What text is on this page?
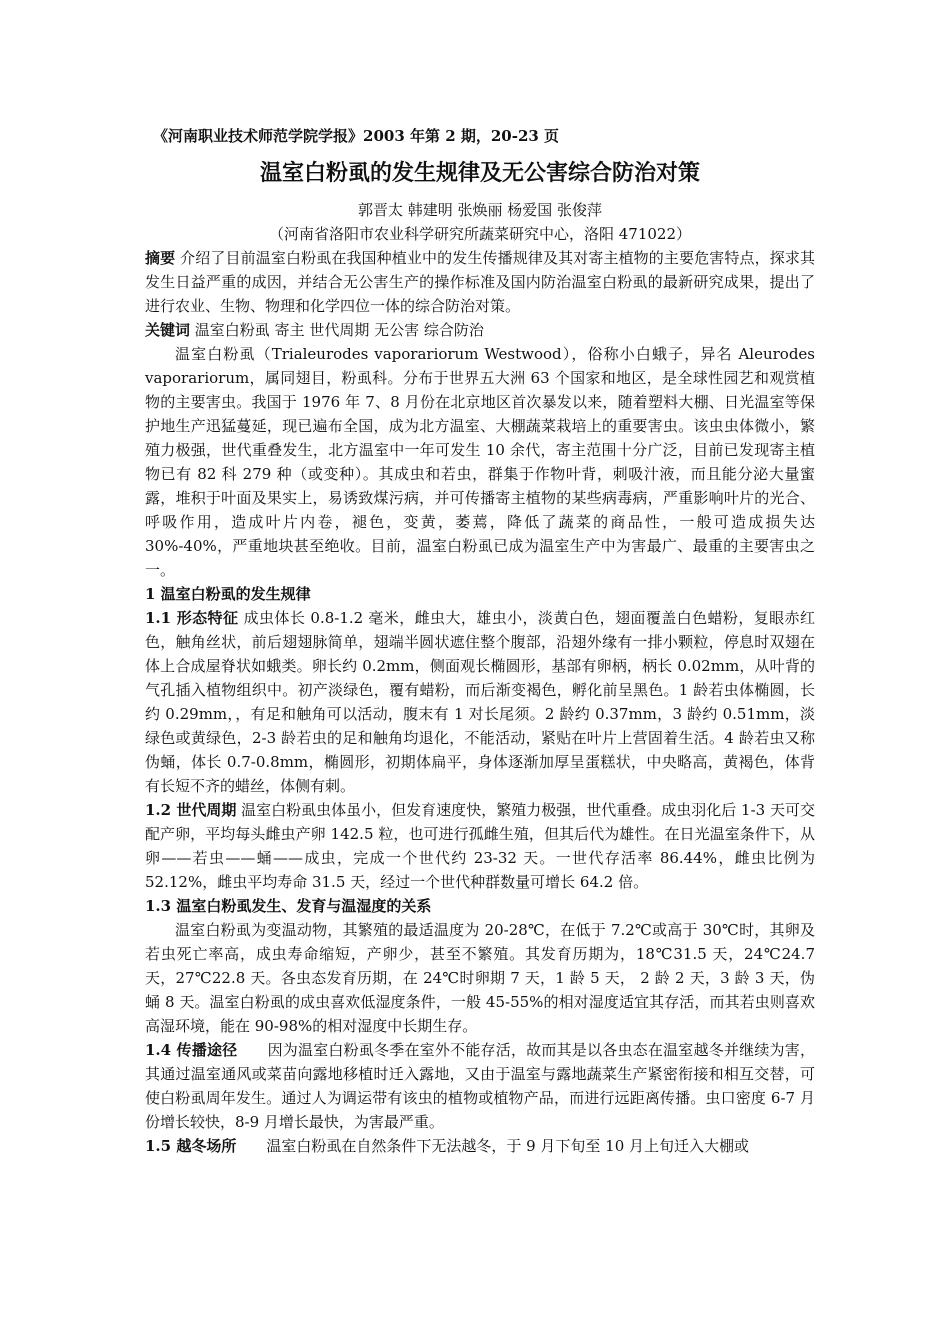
《河南职业技术师范学院学报》2003 年第 2 期，20-23 页
温室白粉虱的发生规律及无公害综合防治对策

郭晋太 韩建明 张焕丽 杨爱国 张俊萍

（河南省洛阳市农业科学研究所蔬菜研究中心，洛阳 471022）

摘要 介绍了目前温室白粉虱在我国种植业中的发生传播规律及其对寄主植物的主要危害特点，探求其发生日益严重的成因，并结合无公害生产的操作标准及国内防治温室白粉虱的最新研究成果，提出了进行农业、生物、物理和化学四位一体的综合防治对策。

关键词 温室白粉虱 寄主 世代周期 无公害 综合防治

温室白粉虱（Trialeurodes vaporariorum Westwood），俗称小白蛾子，异名 Aleurodes vaporariorum，属同翅目，粉虱科。分布于世界五大洲 63 个国家和地区，是全球性园艺和观赏植物的主要害虫。我国于 1976 年 7、8 月份在北京地区首次暴发以来，随着塑料大棚、日光温室等保护地生产迅猛蔓延，现已遍布全国，成为北方温室、大棚蔬菜栽培上的重要害虫。该虫虫体微小，繁殖力极强，世代重叠发生，北方温室中一年可发生 10 余代，寄主范围十分广泛，目前已发现寄主植物已有 82 科 279 种（或变种）。其成虫和若虫，群集于作物叶背，刺吸汁液，而且能分泌大量蜜露，堆积于叶面及果实上，易诱致煤污病，并可传播寄主植物的某些病毒病，严重影响叶片的光合、呼吸作用，造成叶片内卷，褪色，变黄，萎蔫，降低了蔬菜的商品性，一般可造成损失达 30%-40%，严重地块甚至绝收。目前，温室白粉虱已成为温室生产中为害最广、最重的主要害虫之一。

1 温室白粉虱的发生规律

1.1 形态特征 成虫体长 0.8-1.2 毫米，雌虫大，雄虫小，淡黄白色，翅面覆盖白色蜡粉，复眼赤红色，触角丝状，前后翅翅脉简单，翅端半圆状遮住整个腹部，沿翅外缘有一排小颗粒，停息时双翅在体上合成屋脊状如蛾类。卵长约 0.2mm，侧面观长椭圆形，基部有卵柄，柄长 0.02mm，从叶背的气孔插入植物组织中。初产淡绿色，覆有蜡粉，而后渐变褐色，孵化前呈黑色。1 龄若虫体椭圆，长约 0.29mm，，有足和触角可以活动，腹末有 1 对长尾须。2 龄约 0.37mm，3 龄约 0.51mm，淡绿色或黄绿色，2-3 龄若虫的足和触角均退化，不能活动，紧贴在叶片上营固着生活。4 龄若虫又称伪蛹，体长 0.7-0.8mm，椭圆形，初期体扁平，身体逐渐加厚呈蛋糕状，中央略高，黄褐色，体背有长短不齐的蜡丝，体侧有刺。

1.2 世代周期 温室白粉虱虫体虽小，但发育速度快，繁殖力极强，世代重叠。成虫羽化后 1-3 天可交配产卵，平均每头雌虫产卵 142.5 粒，也可进行孤雌生殖，但其后代为雄性。在日光温室条件下，从卵——若虫——蛹——成虫，完成一个世代约 23-32 天。一世代存活率 86.44%，雌虫比例为 52.12%，雌虫平均寿命 31.5 天，经过一个世代种群数量可增长 64.2 倍。

1.3 温室白粉虱发生、发育与温湿度的关系

温室白粉虱为变温动物，其繁殖的最适温度为 20-28℃，在低于 7.2℃或高于 30℃时，其卵及若虫死亡率高，成虫寿命缩短，产卵少，甚至不繁殖。其发育历期为，18℃31.5 天，24℃24.7 天，27℃22.8 天。各虫态发育历期，在 24℃时卵期 7 天，1 龄 5 天， 2 龄 2 天，3 龄 3 天，伪蛹 8 天。温室白粉虱的成虫喜欢低湿度条件，一般 45-55%的相对湿度适宜其存活，而其若虫则喜欢高湿环境，能在 90-98%的相对湿度中长期生存。

1.4 传播途径 因为温室白粉虱冬季在室外不能存活，故而其是以各虫态在温室越冬并继续为害，其通过温室通风或菜苗向露地移植时迁入露地，又由于温室与露地蔬菜生产紧密衔接和相互交替，可使白粉虱周年发生。通过人为调运带有该虫的植物或植物产品，而进行远距离传播。虫口密度 6-7 月份增长较快，8-9 月增长最快，为害最严重。

1.5 越冬场所 温室白粉虱在自然条件下无法越冬，于 9 月下旬至 10 月上旬迁入大棚或
